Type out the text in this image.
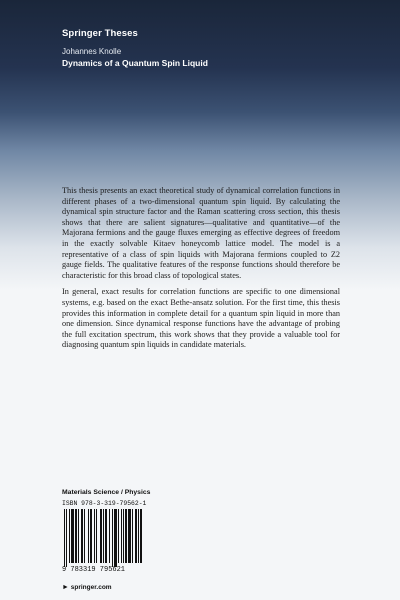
Springer Theses
Johannes Knolle
Dynamics of a Quantum Spin Liquid

This thesis presents an exact theoretical study of dynamical correlation functions in different phases of a two-dimensional quantum spin liquid. By calculating the dynamical spin structure factor and the Raman scattering cross section, this thesis shows that there are salient signatures—qualitative and quantitative—of the Majorana fermions and the gauge fluxes emerging as effective degrees of freedom in the exactly solvable Kitaev honeycomb lattice model. The model is a representative of a class of spin liquids with Majorana fermions coupled to Z2 gauge fields. The qualitative features of the response functions should therefore be characteristic for this broad class of topological states.

In general, exact results for correlation functions are specific to one dimensional systems, e.g. based on the exact Bethe-ansatz solution. For the first time, this thesis provides this information in complete detail for a quantum spin liquid in more than one dimension. Since dynamical response functions have the advantage of probing the full excitation spectrum, this work shows that they provide a valuable tool for diagnosing quantum spin liquids in candidate materials.

Materials Science / Physics
ISBN 978-3-319-79562-1
9 783319 795621
► springer.com
